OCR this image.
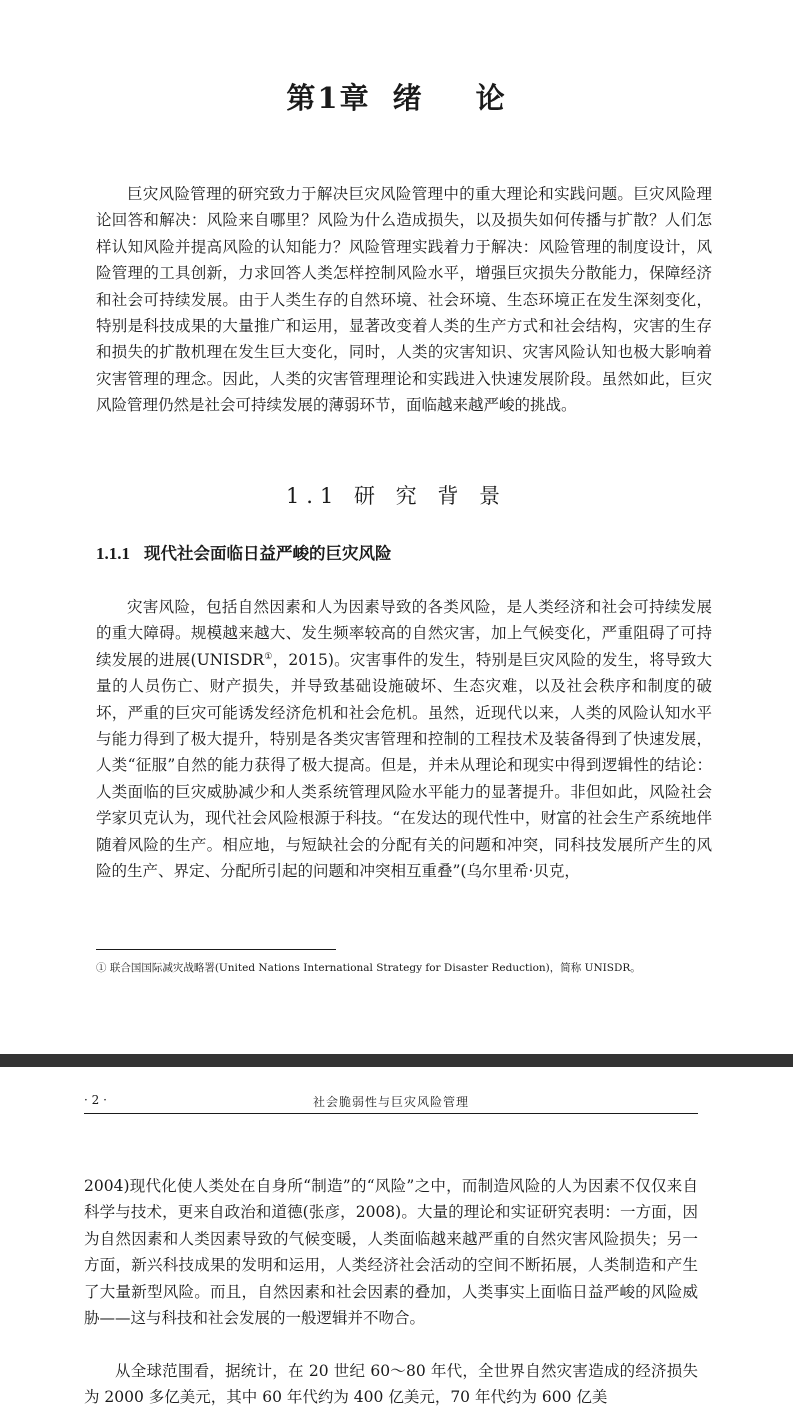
第1章 绪 论

巨灾风险管理的研究致力于解决巨灾风险管理中的重大理论和实践问题。巨灾风险理论回答和解决：风险来自哪里？风险为什么造成损失，以及损失如何传播与扩散？人们怎样认知风险并提高风险的认知能力？风险管理实践着力于解决：风险管理的制度设计，风险管理的工具创新，力求回答人类怎样控制风险水平，增强巨灾损失分散能力，保障经济和社会可持续发展。由于人类生存的自然环境、社会环境、生态环境正在发生深刻变化，特别是科技成果的大量推广和运用，显著改变着人类的生产方式和社会结构，灾害的生存和损失的扩散机理在发生巨大变化，同时，人类的灾害知识、灾害风险认知也极大影响着灾害管理的理念。因此，人类的灾害管理理论和实践进入快速发展阶段。虽然如此，巨灾风险管理仍然是社会可持续发展的薄弱环节，面临越来越严峻的挑战。

1.1 研 究 背 景
1.1.1 现代社会面临日益严峻的巨灾风险

灾害风险，包括自然因素和人为因素导致的各类风险，是人类经济和社会可持续发展的重大障碍。规模越来越大、发生频率较高的自然灾害，加上气候变化，严重阻碍了可持续发展的进展(UNISDR①，2015)。灾害事件的发生，特别是巨灾风险的发生，将导致大量的人员伤亡、财产损失，并导致基础设施破坏、生态灾难，以及社会秩序和制度的破坏，严重的巨灾可能诱发经济危机和社会危机。虽然，近现代以来，人类的风险认知水平与能力得到了极大提升，特别是各类灾害管理和控制的工程技术及装备得到了快速发展，人类“征服”自然的能力获得了极大提高。但是，并未从理论和现实中得到逻辑性的结论：人类面临的巨灾威胁减少和人类系统管理风险水平能力的显著提升。非但如此，风险社会学家贝克认为，现代社会风险根源于科技。“在发达的现代性中，财富的社会生产系统地伴随着风险的生产。相应地，与短缺社会的分配有关的问题和冲突，同科技发展所产生的风险的生产、界定、分配所引起的问题和冲突相互重叠”(乌尔里希·贝克，

① 联合国国际减灾战略署(United Nations International Strategy for Disaster Reduction)，简称 UNISDR。

· 2 ·	社会脆弱性与巨灾风险管理

2004)现代化使人类处在自身所“制造”的“风险”之中，而制造风险的人为因素不仅仅来自科学与技术，更来自政治和道德(张彦，2008)。大量的理论和实证研究表明：一方面，因为自然因素和人类因素导致的气候变暖，人类面临越来越严重的自然灾害风险损失；另一方面，新兴科技成果的发明和运用，人类经济社会活动的空间不断拓展，人类制造和产生了大量新型风险。而且，自然因素和社会因素的叠加，人类事实上面临日益严峻的风险威胁——这与科技和社会发展的一般逻辑并不吻合。

从全球范围看，据统计，在 20 世纪 60～80 年代，全世界自然灾害造成的经济损失为 2000 多亿美元，其中 60 年代约为 400 亿美元，70 年代约为 600 亿美
